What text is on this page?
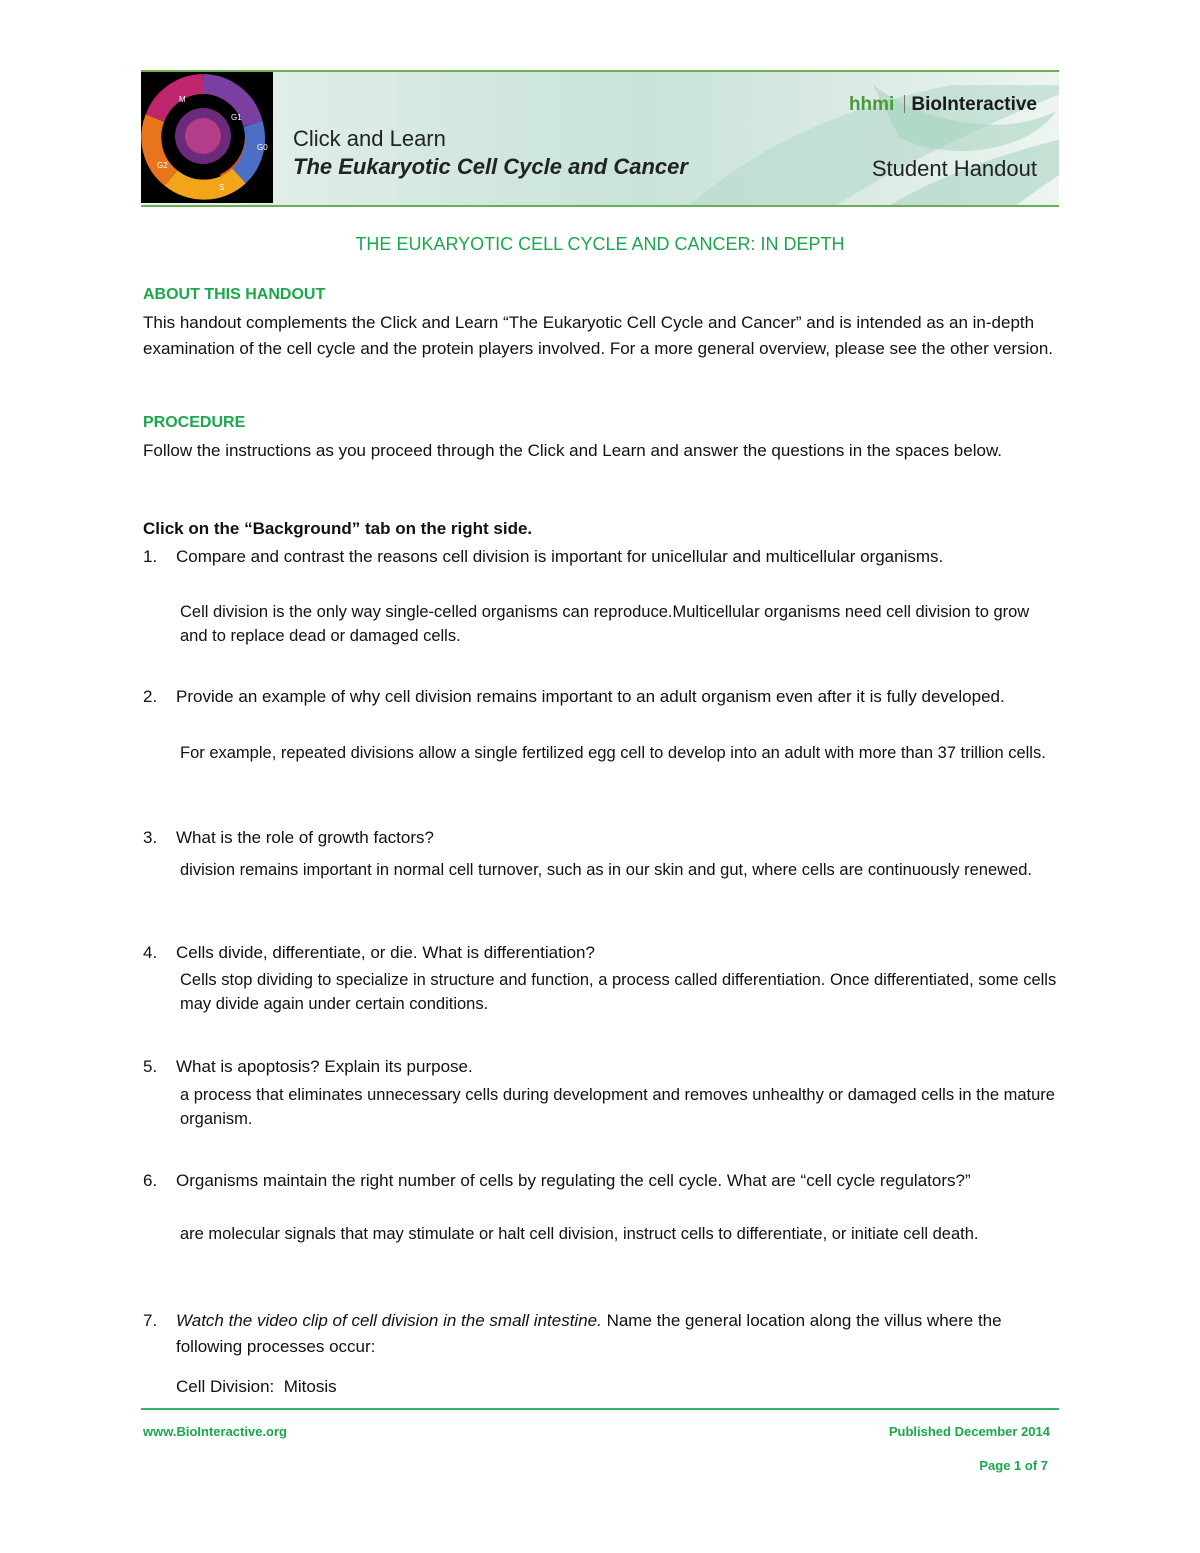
M
G1
G0
S
G2
hhmi BioInteractive
Click and Learn
The Eukaryotic Cell Cycle and Cancer	Student Handout
THE EUKARYOTIC CELL CYCLE AND CANCER: IN DEPTH
ABOUT THIS HANDOUT
This handout complements the Click and Learn “The Eukaryotic Cell Cycle and Cancer” and is intended as an in-depth examination of the cell cycle and the protein players involved. For a more general overview, please see the other version.
PROCEDURE
Follow the instructions as you proceed through the Click and Learn and answer the questions in the spaces below.
Click on the “Background” tab on the right side.
1. Compare and contrast the reasons cell division is important for unicellular and multicellular organisms.
Cell division is the only way single-celled organisms can reproduce.Multicellular organisms need cell division to grow and to replace dead or damaged cells.
2. Provide an example of why cell division remains important to an adult organism even after it is fully developed.
For example, repeated divisions allow a single fertilized egg cell to develop into an adult with more than 37 trillion cells.
3. What is the role of growth factors?
division remains important in normal cell turnover, such as in our skin and gut, where cells are continuously renewed.
4. Cells divide, differentiate, or die. What is differentiation?
Cells stop dividing to specialize in structure and function, a process called differentiation. Once differentiated, some cells may divide again under certain conditions.
5. What is apoptosis? Explain its purpose.
a process that eliminates unnecessary cells during development and removes unhealthy or damaged cells in the mature organism.
6. Organisms maintain the right number of cells by regulating the cell cycle. What are “cell cycle regulators?”
are molecular signals that may stimulate or halt cell division, instruct cells to differentiate, or initiate cell death.
7. Watch the video clip of cell division in the small intestine. Name the general location along the villus where the following processes occur:
Cell Division: Mitosis
www.BioInteractive.org	Published December 2014
Page 1 of 7
